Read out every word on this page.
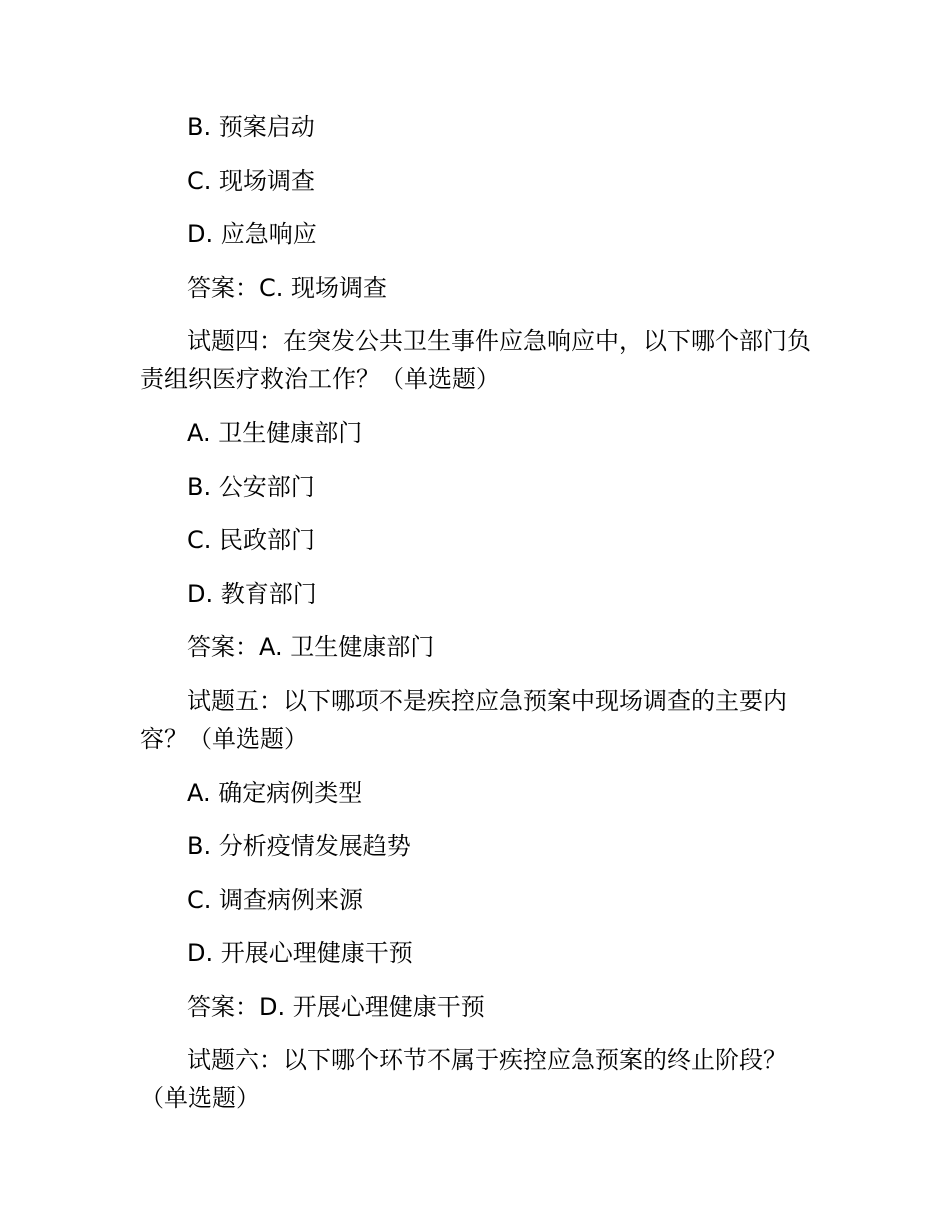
B. 预案启动

C. 现场调查

D. 应急响应

答案：C. 现场调查

试题四：在突发公共卫生事件应急响应中，以下哪个部门负责组织医疗救治工作？（单选题）

A. 卫生健康部门

B. 公安部门

C. 民政部门

D. 教育部门

答案：A. 卫生健康部门

试题五：以下哪项不是疾控应急预案中现场调查的主要内容？（单选题）

A. 确定病例类型

B. 分析疫情发展趋势

C. 调查病例来源

D. 开展心理健康干预

答案：D. 开展心理健康干预

试题六：以下哪个环节不属于疾控应急预案的终止阶段？（单选题）
